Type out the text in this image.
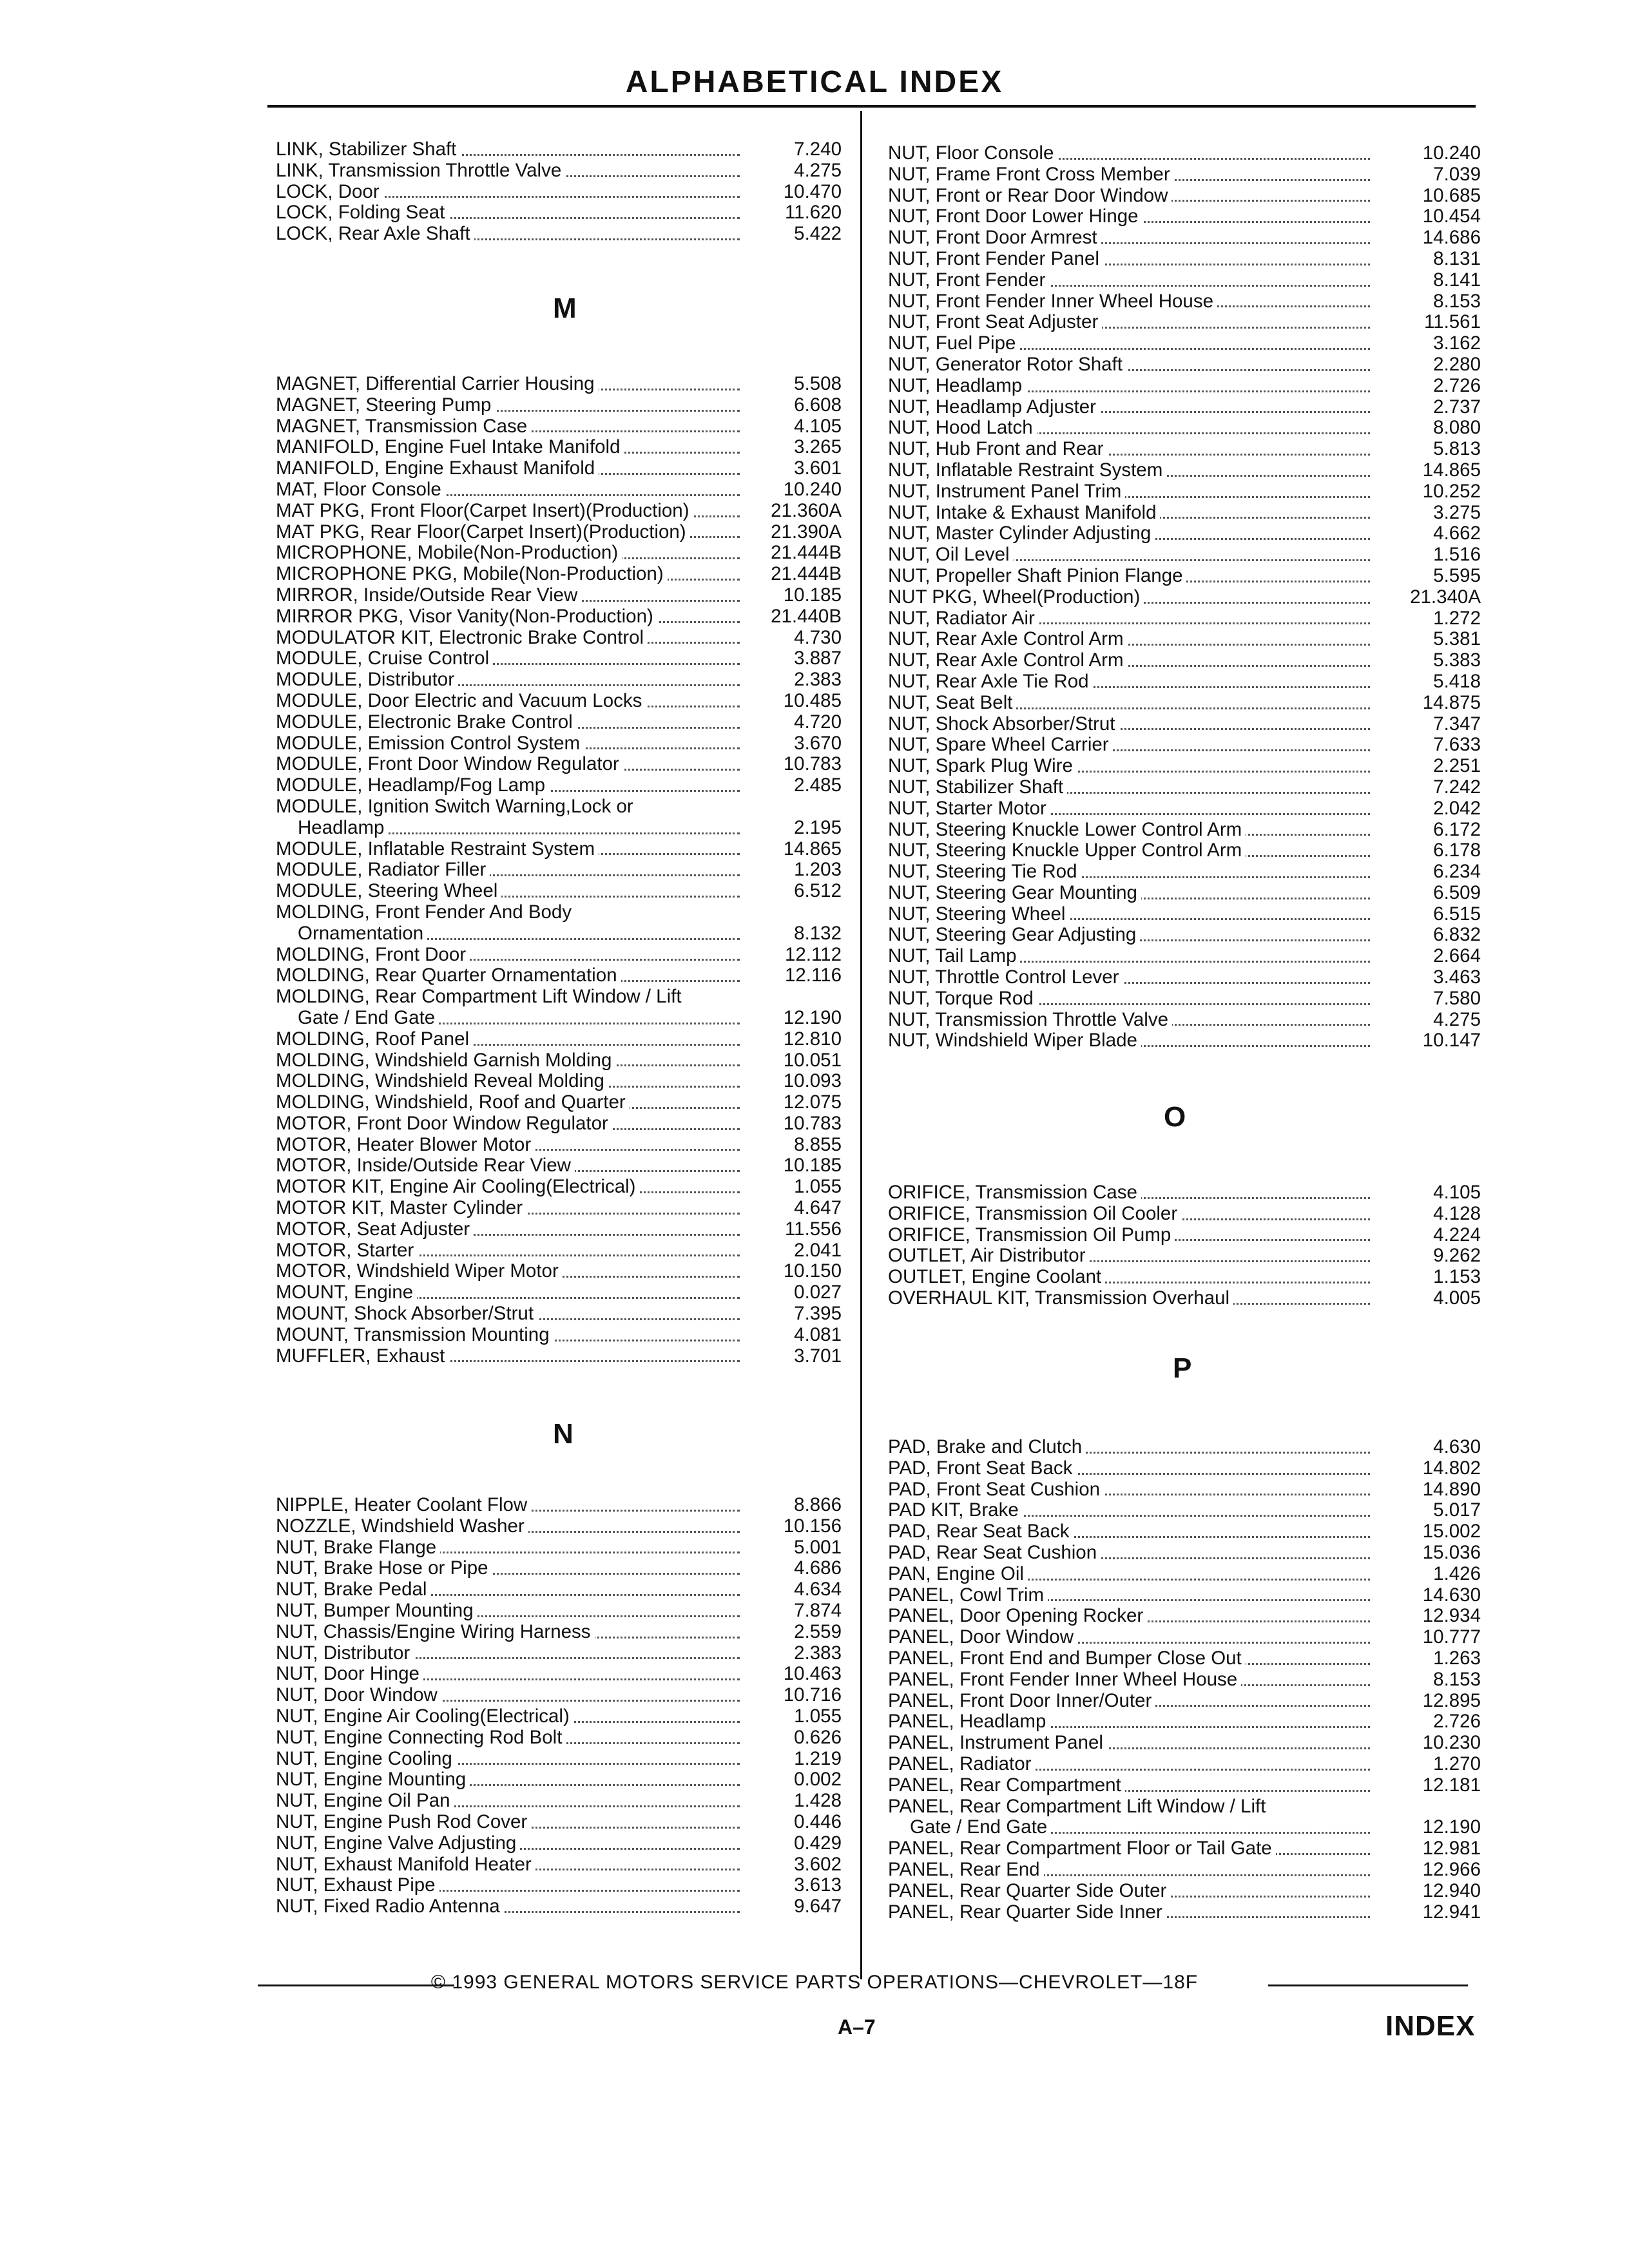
ALPHABETICAL INDEX
LINK, Stabilizer Shaft	7.240
LINK, Transmission Throttle Valve	4.275
LOCK, Door	10.470
LOCK, Folding Seat	11.620
LOCK, Rear Axle Shaft	5.422
M
MAGNET, Differential Carrier Housing	5.508
MAGNET, Steering Pump	6.608
MAGNET, Transmission Case	4.105
MANIFOLD, Engine Fuel Intake Manifold	3.265
MANIFOLD, Engine Exhaust Manifold	3.601
MAT, Floor Console	10.240
MAT PKG, Front Floor(Carpet Insert)(Production)	21.360A
MAT PKG, Rear Floor(Carpet Insert)(Production)	21.390A
MICROPHONE, Mobile(Non-Production)	21.444B
MICROPHONE PKG, Mobile(Non-Production)	21.444B
MIRROR, Inside/Outside Rear View	10.185
MIRROR PKG, Visor Vanity(Non-Production)	21.440B
MODULATOR KIT, Electronic Brake Control	4.730
MODULE, Cruise Control	3.887
MODULE, Distributor	2.383
MODULE, Door Electric and Vacuum Locks	10.485
MODULE, Electronic Brake Control	4.720
MODULE, Emission Control System	3.670
MODULE, Front Door Window Regulator	10.783
MODULE, Headlamp/Fog Lamp	2.485
MODULE, Ignition Switch Warning,Lock or
Headlamp	2.195
MODULE, Inflatable Restraint System	14.865
MODULE, Radiator Filler	1.203
MODULE, Steering Wheel	6.512
MOLDING, Front Fender And Body
Ornamentation	8.132
MOLDING, Front Door	12.112
MOLDING, Rear Quarter Ornamentation	12.116
MOLDING, Rear Compartment Lift Window / Lift
Gate / End Gate	12.190
MOLDING, Roof Panel	12.810
MOLDING, Windshield Garnish Molding	10.051
MOLDING, Windshield Reveal Molding	10.093
MOLDING, Windshield, Roof and Quarter	12.075
MOTOR, Front Door Window Regulator	10.783
MOTOR, Heater Blower Motor	8.855
MOTOR, Inside/Outside Rear View	10.185
MOTOR KIT, Engine Air Cooling(Electrical)	1.055
MOTOR KIT, Master Cylinder	4.647
MOTOR, Seat Adjuster	11.556
MOTOR, Starter	2.041
MOTOR, Windshield Wiper Motor	10.150
MOUNT, Engine	0.027
MOUNT, Shock Absorber/Strut	7.395
MOUNT, Transmission Mounting	4.081
MUFFLER, Exhaust	3.701
N
NIPPLE, Heater Coolant Flow	8.866
NOZZLE, Windshield Washer	10.156
NUT, Brake Flange	5.001
NUT, Brake Hose or Pipe	4.686
NUT, Brake Pedal	4.634
NUT, Bumper Mounting	7.874
NUT, Chassis/Engine Wiring Harness	2.559
NUT, Distributor	2.383
NUT, Door Hinge	10.463
NUT, Door Window	10.716
NUT, Engine Air Cooling(Electrical)	1.055
NUT, Engine Connecting Rod Bolt	0.626
NUT, Engine Cooling	1.219
NUT, Engine Mounting	0.002
NUT, Engine Oil Pan	1.428
NUT, Engine Push Rod Cover	0.446
NUT, Engine Valve Adjusting	0.429
NUT, Exhaust Manifold Heater	3.602
NUT, Exhaust Pipe	3.613
NUT, Fixed Radio Antenna	9.647
NUT, Floor Console	10.240
NUT, Frame Front Cross Member	7.039
NUT, Front or Rear Door Window	10.685
NUT, Front Door Lower Hinge	10.454
NUT, Front Door Armrest	14.686
NUT, Front Fender Panel	8.131
NUT, Front Fender	8.141
NUT, Front Fender Inner Wheel House	8.153
NUT, Front Seat Adjuster	11.561
NUT, Fuel Pipe	3.162
NUT, Generator Rotor Shaft	2.280
NUT, Headlamp	2.726
NUT, Headlamp Adjuster	2.737
NUT, Hood Latch	8.080
NUT, Hub Front and Rear	5.813
NUT, Inflatable Restraint System	14.865
NUT, Instrument Panel Trim	10.252
NUT, Intake & Exhaust Manifold	3.275
NUT, Master Cylinder Adjusting	4.662
NUT, Oil Level	1.516
NUT, Propeller Shaft Pinion Flange	5.595
NUT PKG, Wheel(Production)	21.340A
NUT, Radiator Air	1.272
NUT, Rear Axle Control Arm	5.381
NUT, Rear Axle Control Arm	5.383
NUT, Rear Axle Tie Rod	5.418
NUT, Seat Belt	14.875
NUT, Shock Absorber/Strut	7.347
NUT, Spare Wheel Carrier	7.633
NUT, Spark Plug Wire	2.251
NUT, Stabilizer Shaft	7.242
NUT, Starter Motor	2.042
NUT, Steering Knuckle Lower Control Arm	6.172
NUT, Steering Knuckle Upper Control Arm	6.178
NUT, Steering Tie Rod	6.234
NUT, Steering Gear Mounting	6.509
NUT, Steering Wheel	6.515
NUT, Steering Gear Adjusting	6.832
NUT, Tail Lamp	2.664
NUT, Throttle Control Lever	3.463
NUT, Torque Rod	7.580
NUT, Transmission Throttle Valve	4.275
NUT, Windshield Wiper Blade	10.147
O
ORIFICE, Transmission Case	4.105
ORIFICE, Transmission Oil Cooler	4.128
ORIFICE, Transmission Oil Pump	4.224
OUTLET, Air Distributor	9.262
OUTLET, Engine Coolant	1.153
OVERHAUL KIT, Transmission Overhaul	4.005
P
PAD, Brake and Clutch	4.630
PAD, Front Seat Back	14.802
PAD, Front Seat Cushion	14.890
PAD KIT, Brake	5.017
PAD, Rear Seat Back	15.002
PAD, Rear Seat Cushion	15.036
PAN, Engine Oil	1.426
PANEL, Cowl Trim	14.630
PANEL, Door Opening Rocker	12.934
PANEL, Door Window	10.777
PANEL, Front End and Bumper Close Out	1.263
PANEL, Front Fender Inner Wheel House	8.153
PANEL, Front Door Inner/Outer	12.895
PANEL, Headlamp	2.726
PANEL, Instrument Panel	10.230
PANEL, Radiator	1.270
PANEL, Rear Compartment	12.181
PANEL, Rear Compartment Lift Window / Lift
Gate / End Gate	12.190
PANEL, Rear Compartment Floor or Tail Gate	12.981
PANEL, Rear End	12.966
PANEL, Rear Quarter Side Outer	12.940
PANEL, Rear Quarter Side Inner	12.941
© 1993 GENERAL MOTORS SERVICE PARTS OPERATIONS—CHEVROLET—18F
A–7	INDEX
